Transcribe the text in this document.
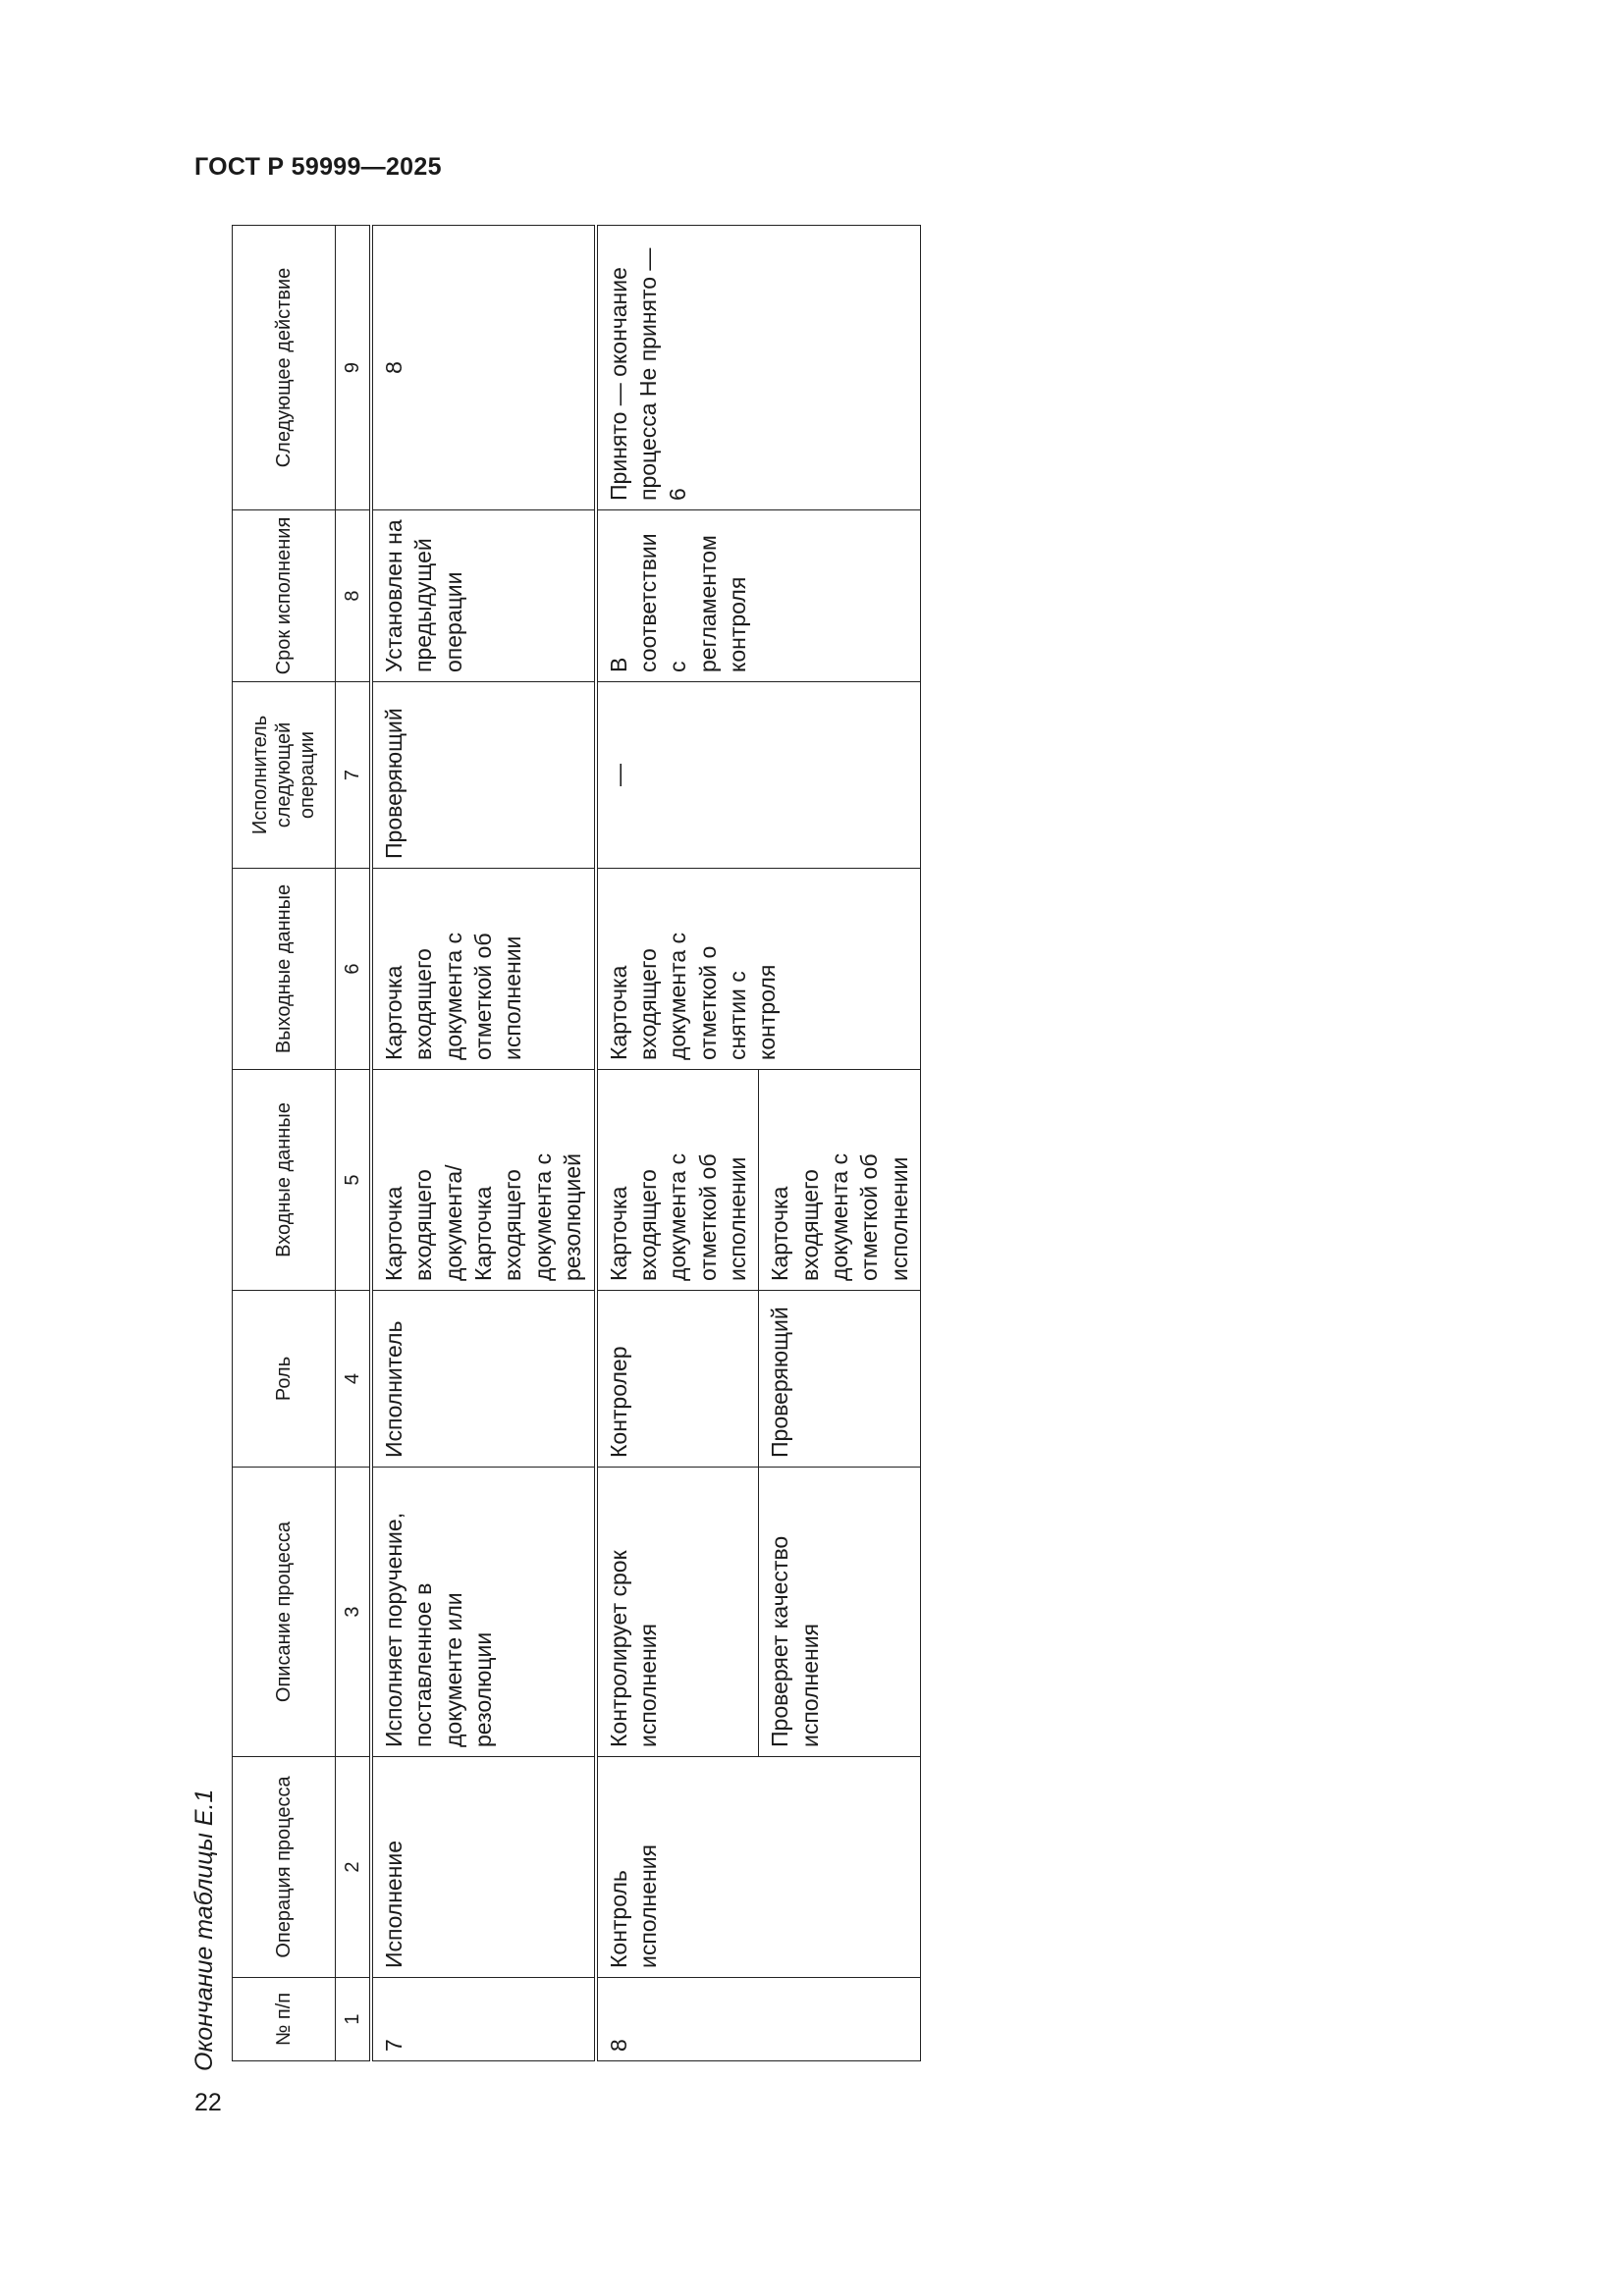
ГОСТ Р 59999—2025
Окончание таблицы Е.1	№ п/п	Операция процесса	Описание процесса	Роль	Входные данные	Выходные данные	Исполнитель следующей операции	Срок исполнения	Следующее действие
1	2	3	4	5	6	7	8	9
7	Исполнение	Исполняет поручение, поставленное в документе или резолюции	Исполнитель	Карточка входящего документа/ Карточка входящего документа с резолюцией	Карточка входящего документа с отметкой об исполнении	Проверяющий	Установлен на предыдущей операции	8
8	Контроль исполнения	Контролирует срок исполнения	Контролер	Карточка входящего документа с отметкой об исполнении	Карточка входящего документа с отметкой о снятии с контроля	—	В соответствии с регламентом контроля	Принято — окончание процесса Не принято — 6
		Проверяет качество исполнения	Проверяющий	Карточка входящего документа с отметкой об исполнении				
22
